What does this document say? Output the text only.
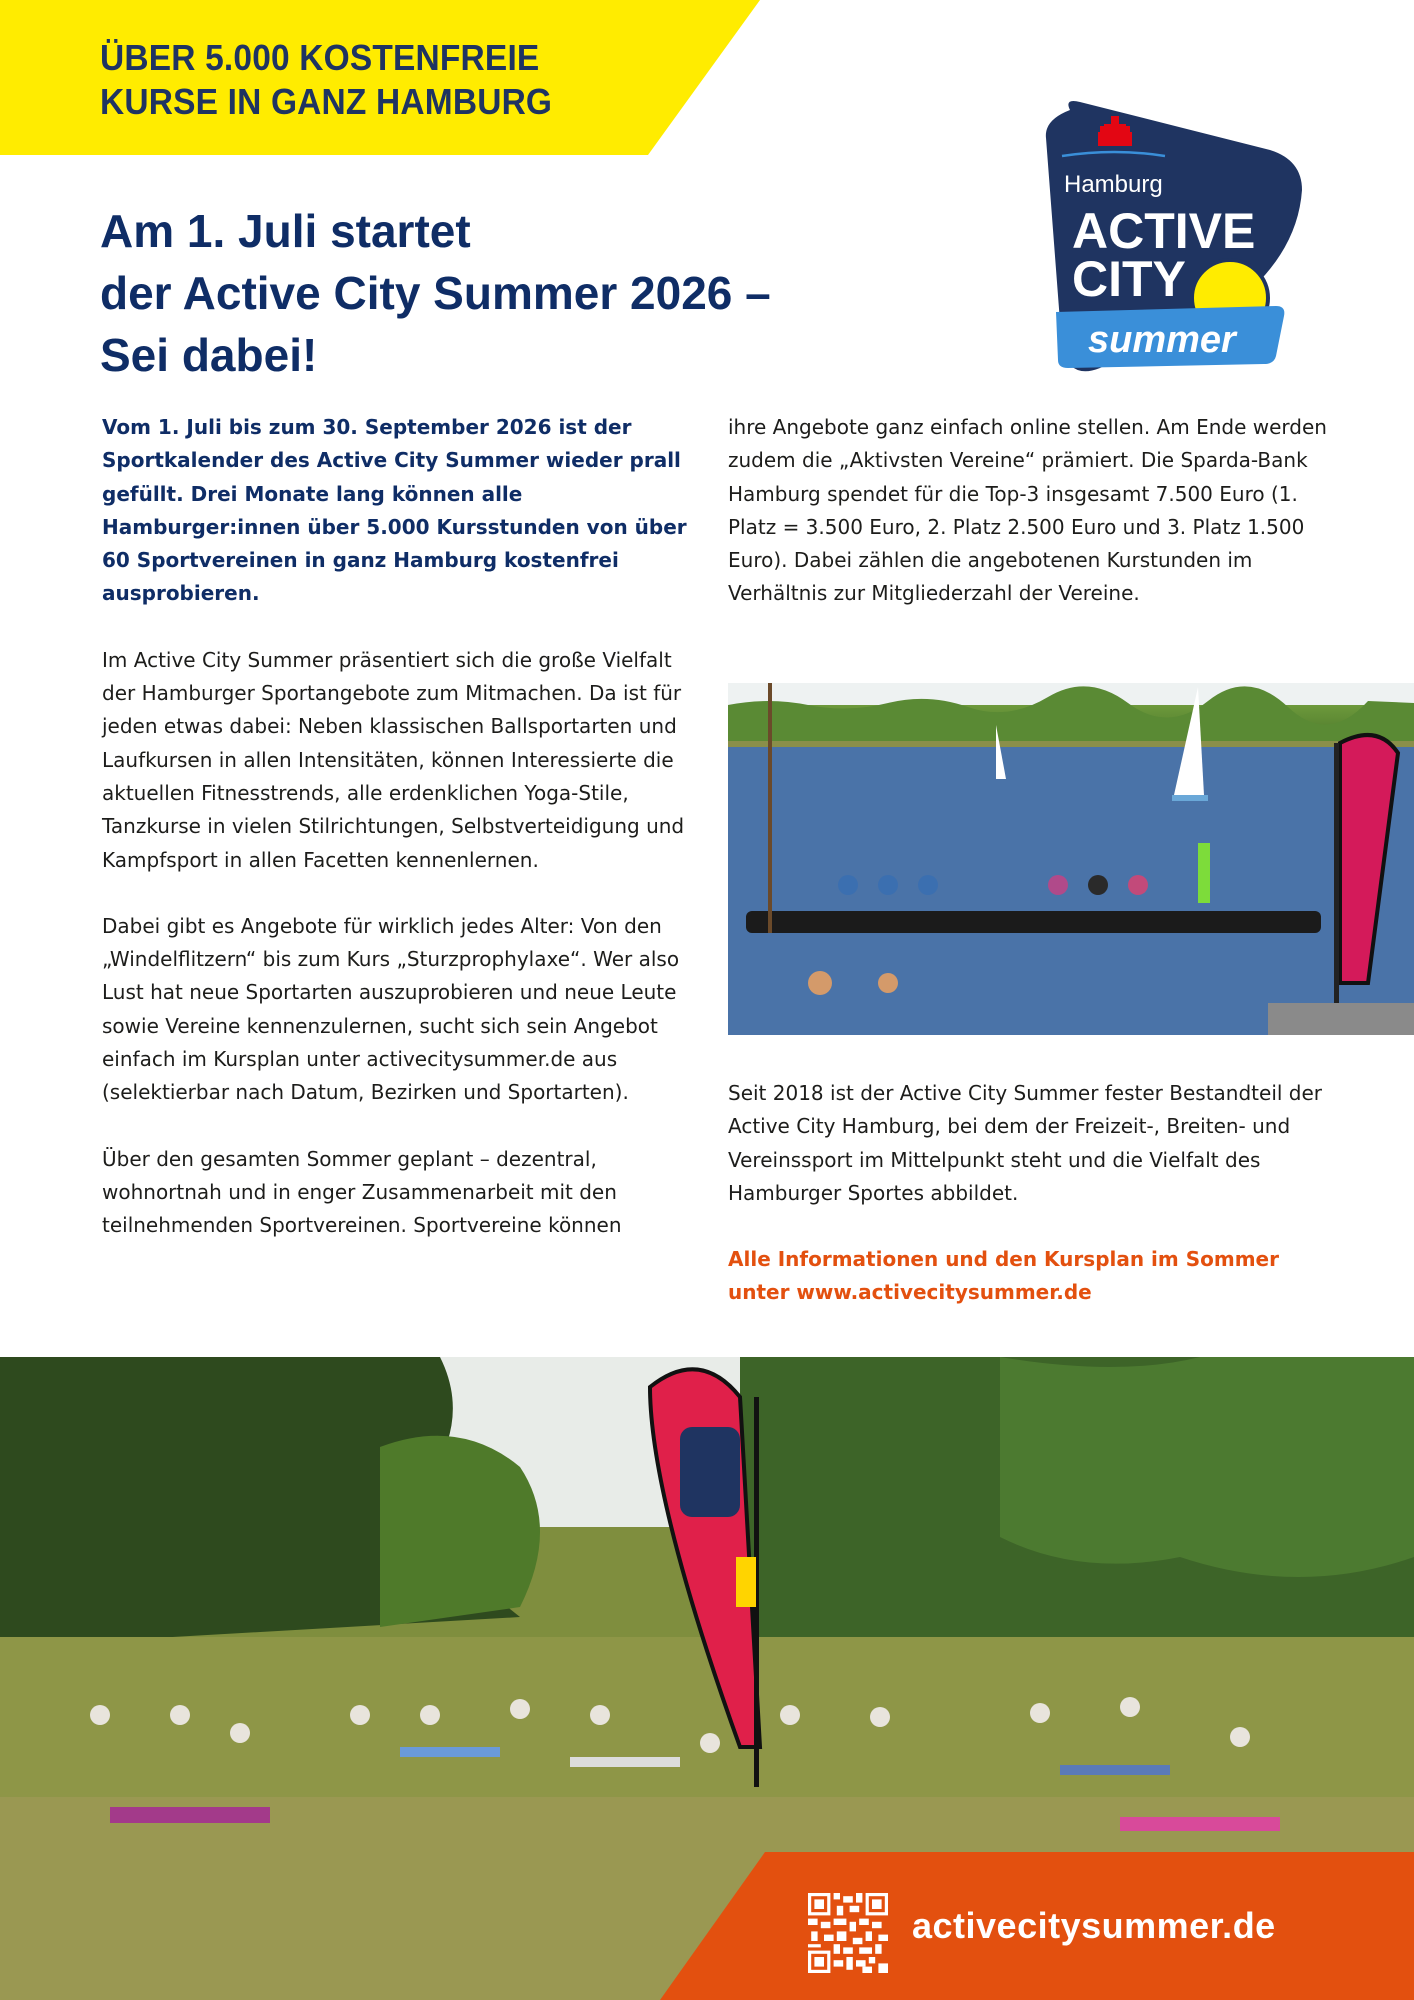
ÜBER 5.000 KOSTENFREIE
KURSE IN GANZ HAMBURG
Hamburg
ACTIVE
CITY
summer
Am 1. Juli startet
der Active City Summer 2026 –
Sei dabei!

Vom 1. Juli bis zum 30. September 2026 ist der Sportkalender des Active City Summer wieder prall gefüllt. Drei Monate lang können alle Hamburger:innen über 5.000 Kursstunden von über 60 Sportvereinen in ganz Hamburg kostenfrei ausprobieren.

Im Active City Summer präsentiert sich die große Vielfalt der Hamburger Sportangebote zum Mitmachen. Da ist für jeden etwas dabei: Neben klassischen Ballsportarten und Laufkursen in allen Intensitäten, können Interessierte die aktuellen Fitnesstrends, alle erdenklichen Yoga-Stile, Tanzkurse in vielen Stilrichtungen, Selbstverteidigung und Kampfsport in allen Facetten kennenlernen.

Dabei gibt es Angebote für wirklich jedes Alter: Von den „Windelflitzern“ bis zum Kurs „Sturzprophylaxe“. Wer also Lust hat neue Sportarten auszuprobieren und neue Leute sowie Vereine kennenzulernen, sucht sich sein Angebot einfach im Kursplan unter activecitysummer.de aus (selektierbar nach Datum, Bezirken und Sportarten).

Über den gesamten Sommer geplant – dezentral, wohnortnah und in enger Zusammenarbeit mit den teilnehmenden Sportvereinen. Sportvereine können

ihre Angebote ganz einfach online stellen. Am Ende werden zudem die „Aktivsten Vereine“ prämiert. Die Sparda-Bank Hamburg spendet für die Top-3 insgesamt 7.500 Euro (1. Platz = 3.500 Euro, 2. Platz 2.500 Euro und 3. Platz 1.500 Euro). Dabei zählen die angebotenen Kurstunden im Verhältnis zur Mitgliederzahl der Vereine.

Seit 2018 ist der Active City Summer fester Bestandteil der Active City Hamburg, bei dem der Freizeit-, Breiten- und Vereinssport im Mittelpunkt steht und die Vielfalt des Hamburger Sportes abbildet.

Alle Informationen und den Kursplan im Sommer unter www.activecitysummer.de

activecitysummer.de
